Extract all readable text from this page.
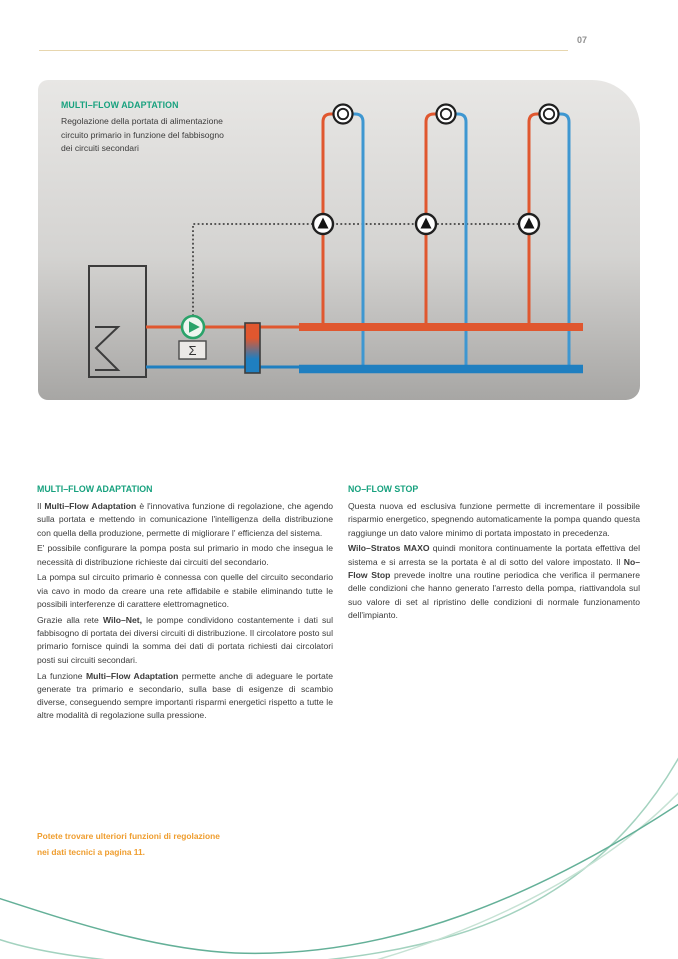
07
Σ
MULTI–FLOW ADAPTATION
Regolazione della portata di alimentazione
circuito primario in funzione del fabbisogno
dei circuiti secondari
MULTI–FLOW ADAPTATION

Il Multi–Flow Adaptation è l'innovativa funzione di regolazione, che agendo sulla portata e mettendo in comunicazione l'intelligenza della distribuzione con quella della produzione, permette di migliorare l' efficienza del sistema.

E' possibile configurare la pompa posta sul primario in modo che insegua le necessità di distribuzione richieste dai circuiti del secondario.

La pompa sul circuito primario è connessa con quelle del circuito secondario via cavo in modo da creare una rete affidabile e stabile eliminando tutte le possibili interferenze di carattere elettromagnetico.

Grazie alla rete Wilo–Net, le pompe condividono costantemente i dati sul fabbisogno di portata dei diversi circuiti di distribuzione. Il circolatore posto sul primario fornisce quindi la somma dei dati di portata richiesti dai circolatori posti sui circuiti secondari.

La funzione Multi–Flow Adaptation permette anche di adeguare le portate generate tra primario e secondario, sulla base di esigenze di scambio diverse, conseguendo sempre importanti risparmi energetici rispetto a tutte le altre modalità di regolazione sulla pressione.

Potete trovare ulteriori funzioni di regolazione
nei dati tecnici a pagina 11.
NO–FLOW STOP

Questa nuova ed esclusiva funzione permette di incrementare il possibile risparmio energetico, spegnendo automaticamente la pompa quando questa raggiunge un dato valore minimo di portata impostato in precedenza.

Wilo–Stratos MAXO quindi monitora continuamente la portata effettiva del sistema e si arresta se la portata è al di sotto del valore impostato. Il No–Flow Stop prevede inoltre una routine periodica che verifica il permanere delle condizioni che hanno generato l'arresto della pompa, riattivandola sul suo valore di set al ripristino delle condizioni di normale funzionamento dell'impianto.
